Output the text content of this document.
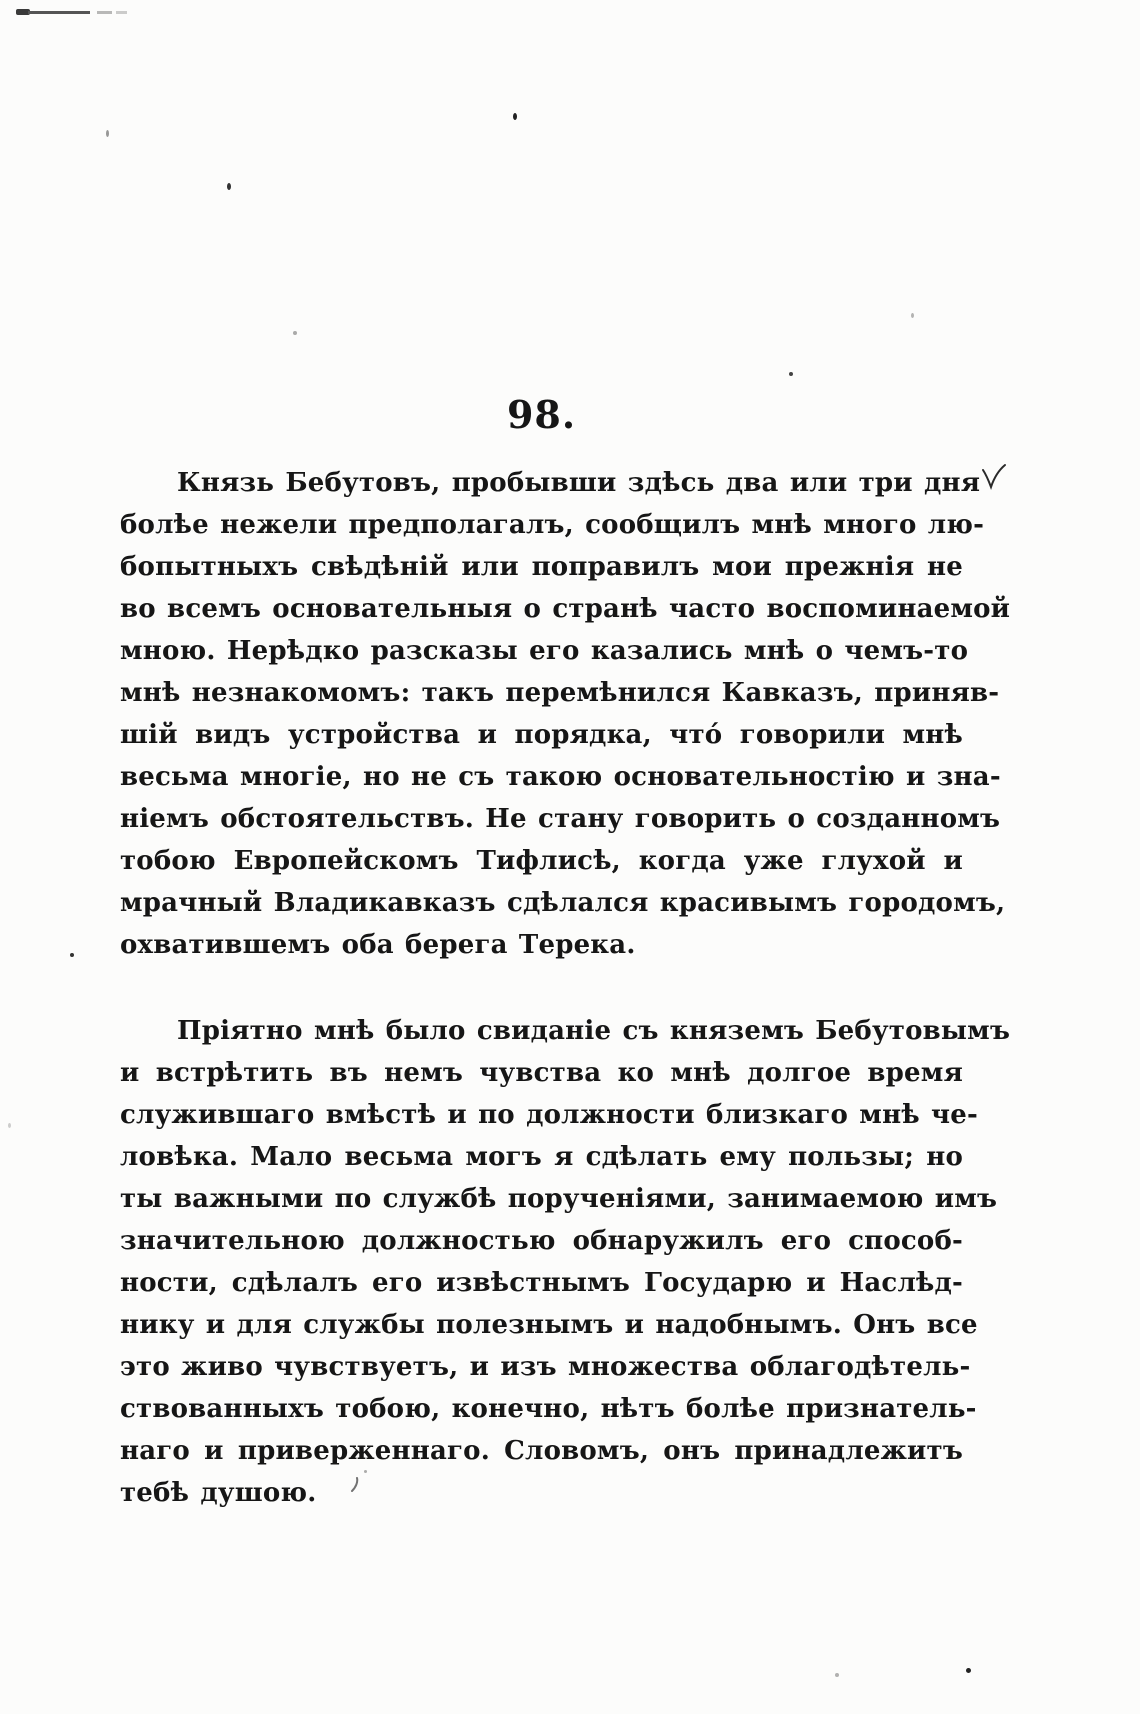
98.
Князь Бебутовъ, пробывши здѣсь два или три дня
болѣе нежели предполагалъ, сообщилъ мнѣ много лю-
бопытныхъ свѣдѣній или поправилъ мои прежнія не
во всемъ основательныя о странѣ часто воспоминаемой
мною. Нерѣдко разсказы его казались мнѣ о чемъ-то
мнѣ незнакомомъ: такъ перемѣнился Кавказъ, приняв-
шій видъ устройства и порядка, что́ говорили мнѣ
весьма многіе, но не съ такою основательностію и зна-
ніемъ обстоятельствъ. Не стану говорить о созданномъ
тобою Европейскомъ Тифлисѣ, когда уже глухой и
мрачный Владикавказъ сдѣлался красивымъ городомъ,
охватившемъ оба берега Терека.
Пріятно мнѣ было свиданіе съ княземъ Бебутовымъ
и встрѣтить въ немъ чувства ко мнѣ долгое время
служившаго вмѣстѣ и по должности близкаго мнѣ че-
ловѣка. Мало весьма могъ я сдѣлать ему пользы; но
ты важными по службѣ порученіями, занимаемою имъ
значительною должностью обнаружилъ его способ-
ности, сдѣлалъ его извѣстнымъ Государю и Наслѣд-
нику и для службы полезнымъ и надобнымъ. Онъ все
это живо чувствуетъ, и изъ множества облагодѣтель-
ствованныхъ тобою, конечно, нѣтъ болѣе признатель-
наго и приверженнаго. Словомъ, онъ принадлежитъ
тебѣ душою.
